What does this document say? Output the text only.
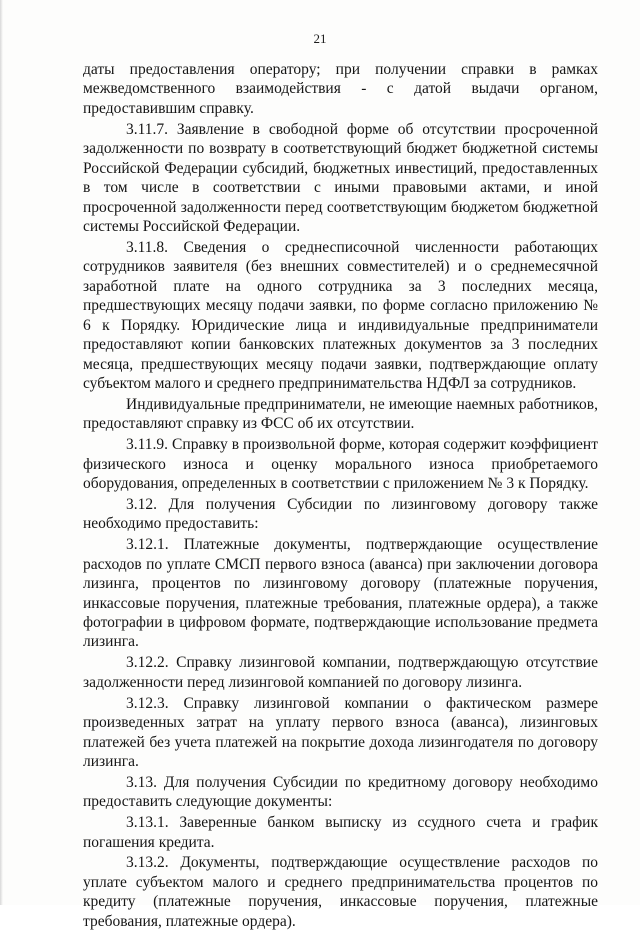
21

даты предоставления оператору; при получении справки в рамках межведомственного взаимодействия - с датой выдачи органом, предоставившим справку.

3.11.7. Заявление в свободной форме об отсутствии просроченной задолженности по возврату в соответствующий бюджет бюджетной системы Российской Федерации субсидий, бюджетных инвестиций, предоставленных в том числе в соответствии с иными правовыми актами, и иной просроченной задолженности перед соответствующим бюджетом бюджетной системы Российской Федерации.

3.11.8. Сведения о среднесписочной численности работающих сотрудников заявителя (без внешних совместителей) и о среднемесячной заработной плате на одного сотрудника за 3 последних месяца, предшествующих месяцу подачи заявки, по форме согласно приложению № 6 к Порядку. Юридические лица и индивидуальные предприниматели предоставляют копии банковских платежных документов за 3 последних месяца, предшествующих месяцу подачи заявки, подтверждающие оплату субъектом малого и среднего предпринимательства НДФЛ за сотрудников.

Индивидуальные предприниматели, не имеющие наемных работников, предоставляют справку из ФСС об их отсутствии.

3.11.9. Справку в произвольной форме, которая содержит коэффициент физического износа и оценку морального износа приобретаемого оборудования, определенных в соответствии с приложением № 3 к Порядку.

3.12. Для получения Субсидии по лизинговому договору также необходимо предоставить:

3.12.1. Платежные документы, подтверждающие осуществление расходов по уплате СМСП первого взноса (аванса) при заключении договора лизинга, процентов по лизинговому договору (платежные поручения, инкассовые поручения, платежные требования, платежные ордера), а также фотографии в цифровом формате, подтверждающие использование предмета лизинга.

3.12.2. Справку лизинговой компании, подтверждающую отсутствие задолженности перед лизинговой компанией по договору лизинга.

3.12.3. Справку лизинговой компании о фактическом размере произведенных затрат на уплату первого взноса (аванса), лизинговых платежей без учета платежей на покрытие дохода лизингодателя по договору лизинга.

3.13. Для получения Субсидии по кредитному договору необходимо предоставить следующие документы:

3.13.1. Заверенные банком выписку из ссудного счета и график погашения кредита.

3.13.2. Документы, подтверждающие осуществление расходов по уплате субъектом малого и среднего предпринимательства процентов по кредиту (платежные поручения, инкассовые поручения, платежные требования, платежные ордера).
